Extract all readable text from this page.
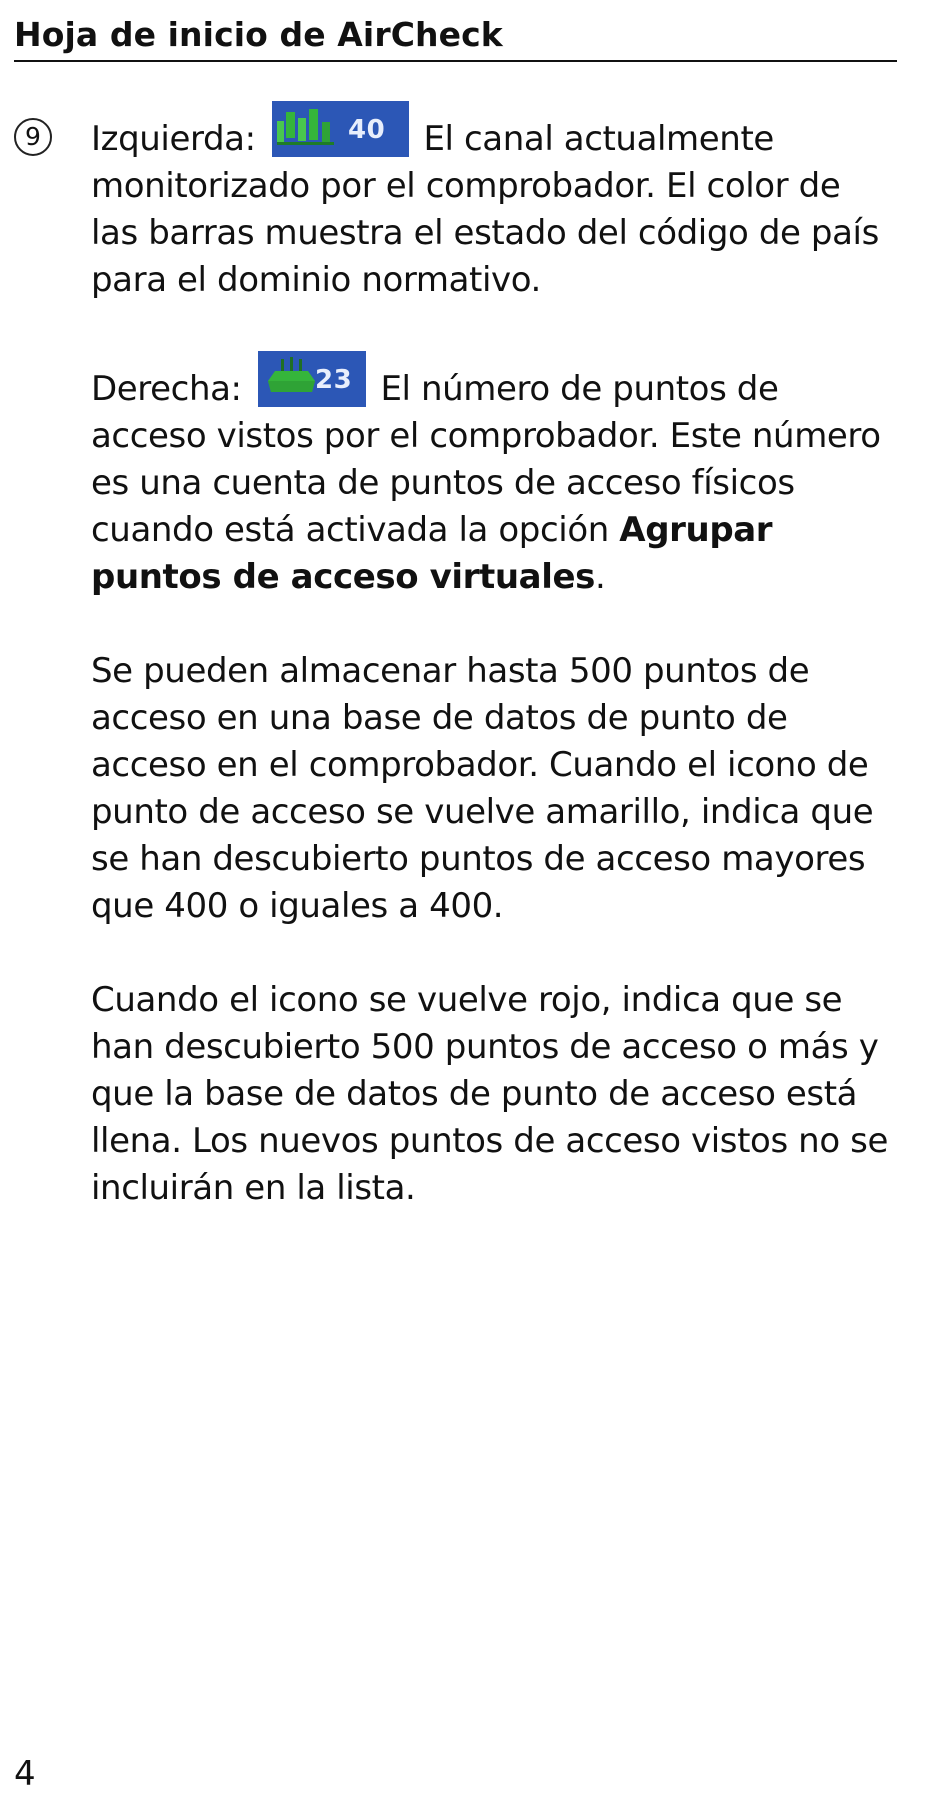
Hoja de inicio de AirCheck
9	Izquierda:	40 El canal actualmente monitorizado por el comprobador. El color de las barras muestra el estado del código de país para el dominio normativo.

Derecha:	23 El número de puntos de acceso vistos por el comprobador. Este número es una cuenta de puntos de acceso físicos cuando está activada la opción Agrupar puntos de acceso virtuales.

Se pueden almacenar hasta 500 puntos de acceso en una base de datos de punto de acceso en el comprobador. Cuando el icono de punto de acceso se vuelve amarillo, indica que se han descubierto puntos de acceso mayores que 400 o iguales a 400.

Cuando el icono se vuelve rojo, indica que se han descubierto 500 puntos de acceso o más y que la base de datos de punto de acceso está llena. Los nuevos puntos de acceso vistos no se incluirán en la lista.

4
